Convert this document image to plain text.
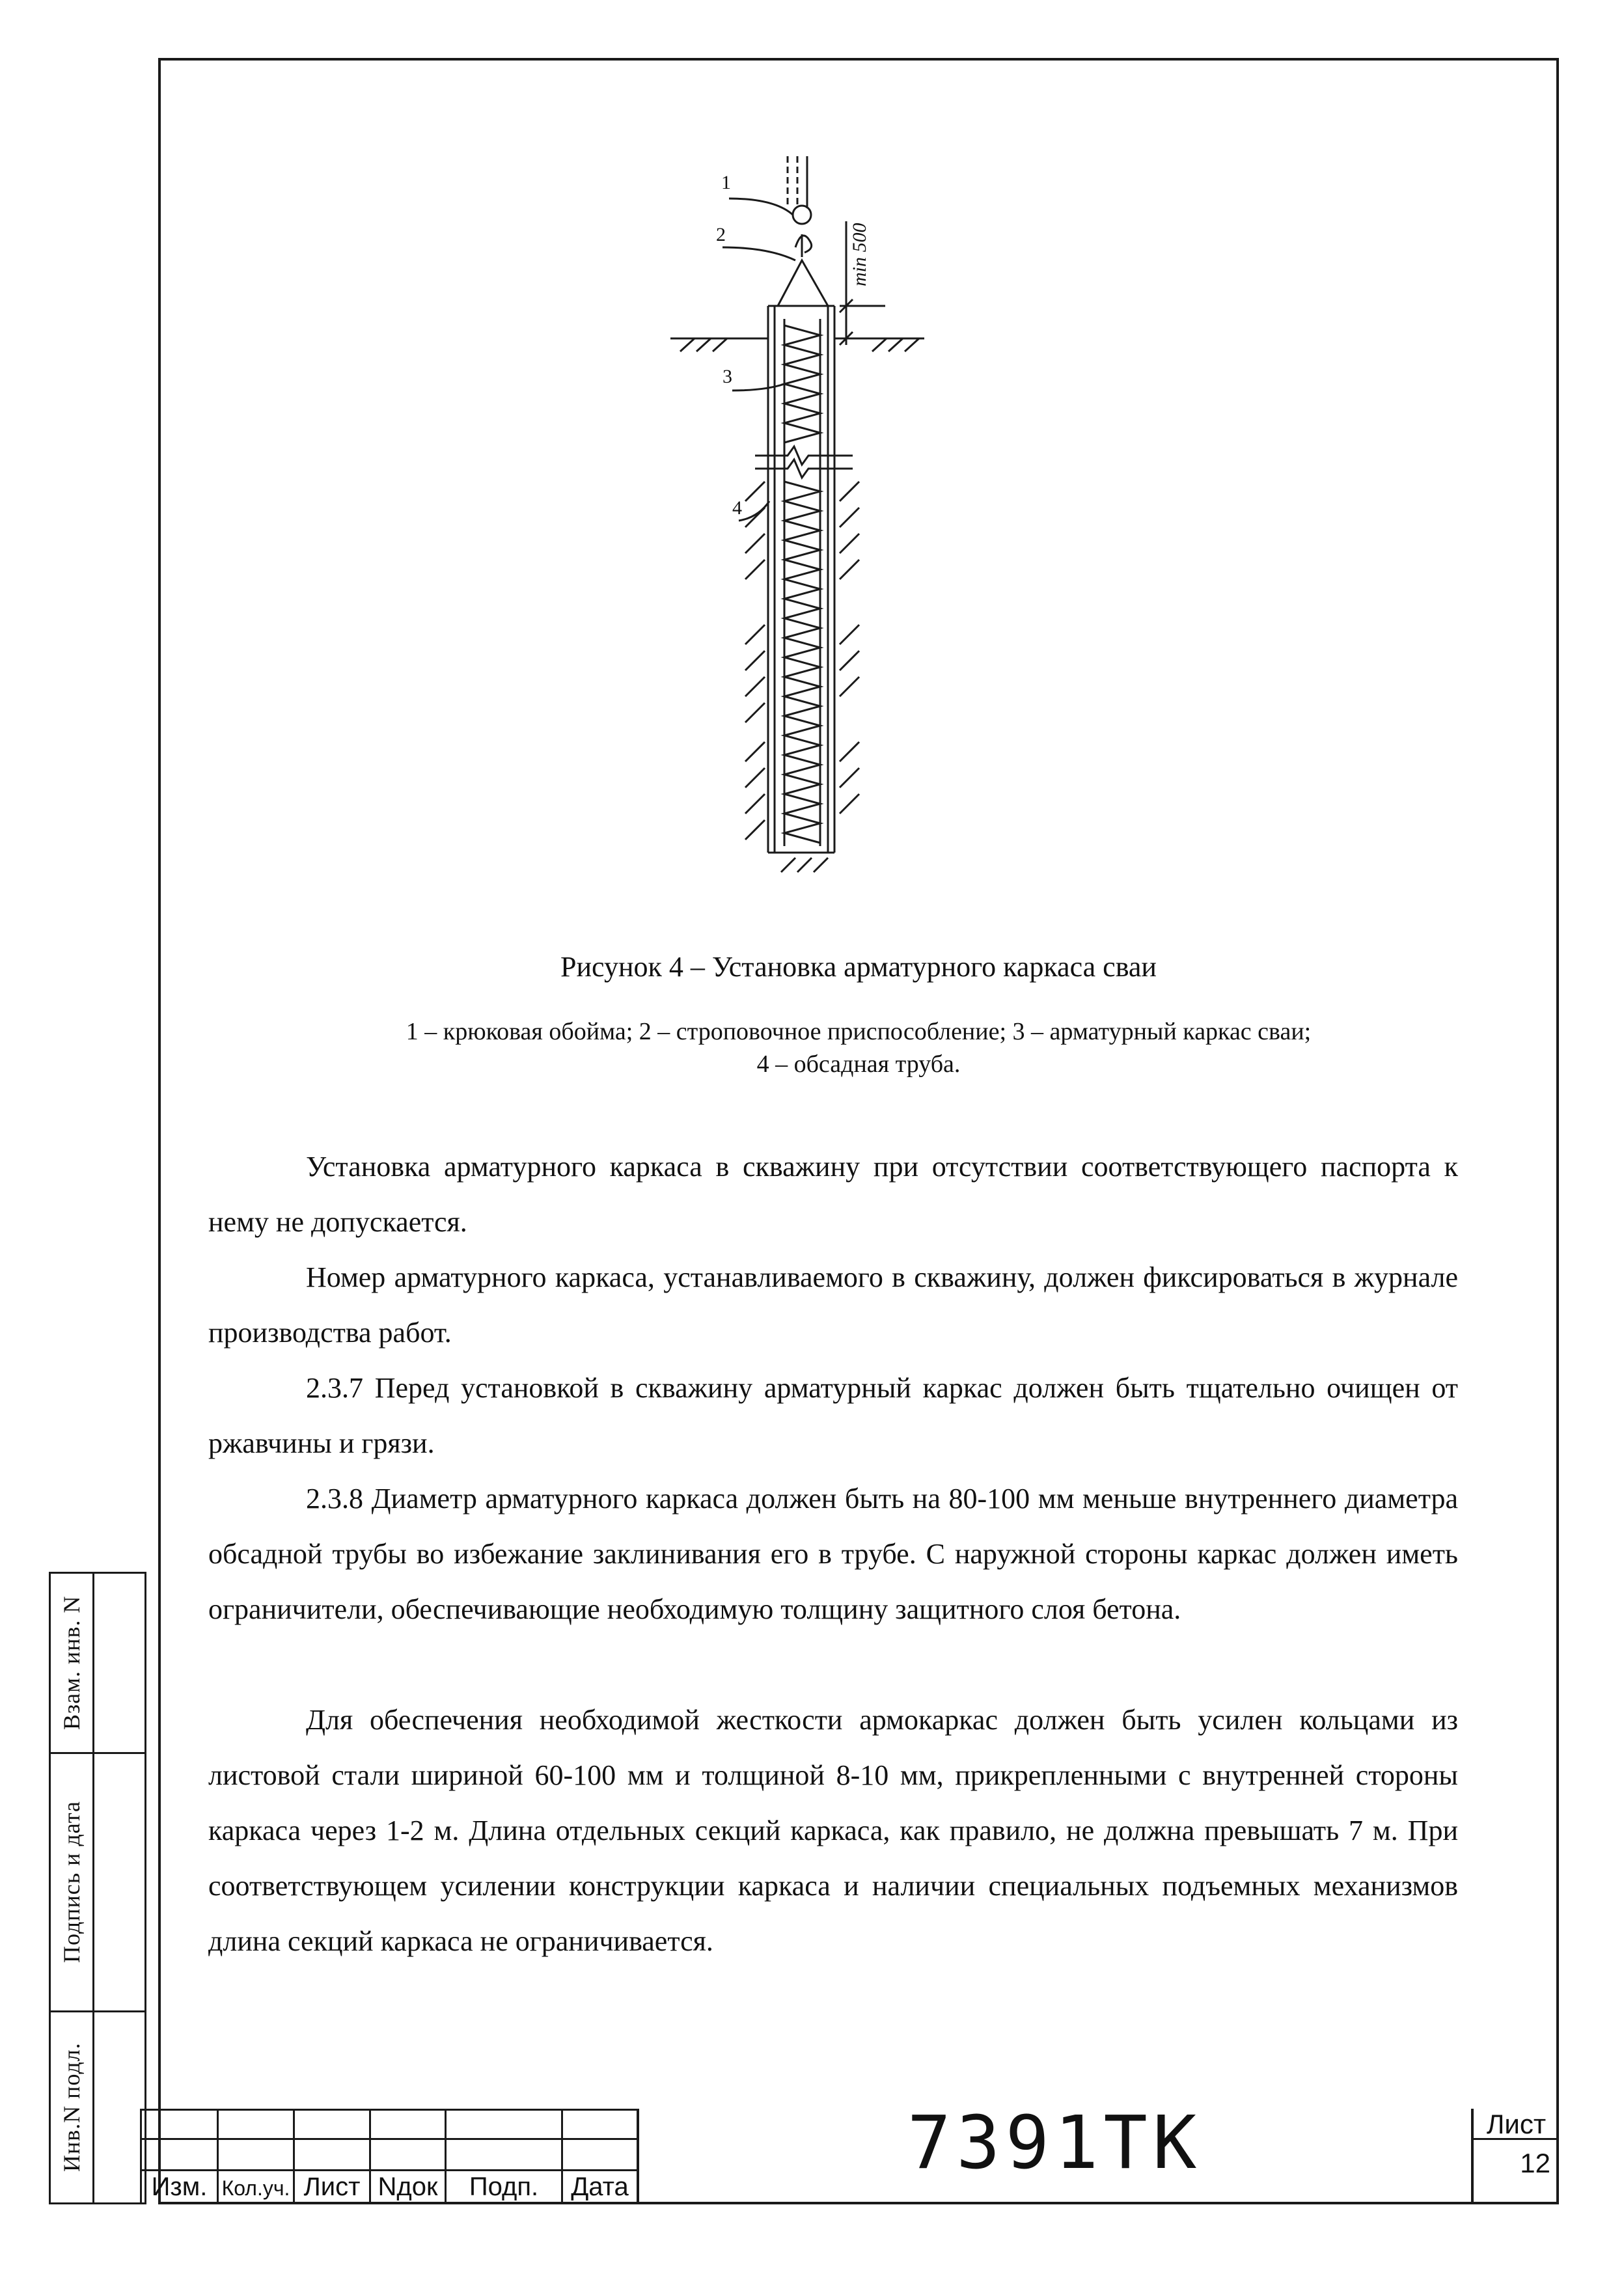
1
2
3
4
min 500
Рисунок 4 – Установка арматурного каркаса сваи
1 – крюковая обойма; 2 – строповочное приспособление; 3 – арматурный каркас сваи;
4 – обсадная труба.
Установка арматурного каркаса в скважину при отсутствии соответствующего паспорта к нему не допускается.
Номер арматурного каркаса, устанавливаемого в скважину, должен фиксироваться в журнале производства работ.
2.3.7 Перед установкой в скважину арматурный каркас должен быть тщательно очищен от ржавчины и грязи.
2.3.8 Диаметр арматурного каркаса должен быть на 80-100 мм меньше внутреннего диаметра обсадной трубы во избежание заклинивания его в трубе. С наружной стороны каркас должен иметь ограничители, обеспечивающие необходимую толщину защитного слоя бетона.
Для обеспечения необходимой жесткости армокаркас должен быть усилен кольцами из листовой стали шириной 60-100 мм и толщиной 8-10 мм, прикрепленными с внутренней стороны каркаса через 1-2 м. Длина отдельных секций каркаса, как правило, не должна превышать 7 м. При соответствующем усилении конструкции каркаса и наличии специальных подъемных механизмов длина секций каркаса не ограничивается.
Взам. инв. N
Подпись и дата
Инв.N подл.
Изм. Кол.уч. Лист Nдок	Подп.	Дата
7391ТК	Лист
12
